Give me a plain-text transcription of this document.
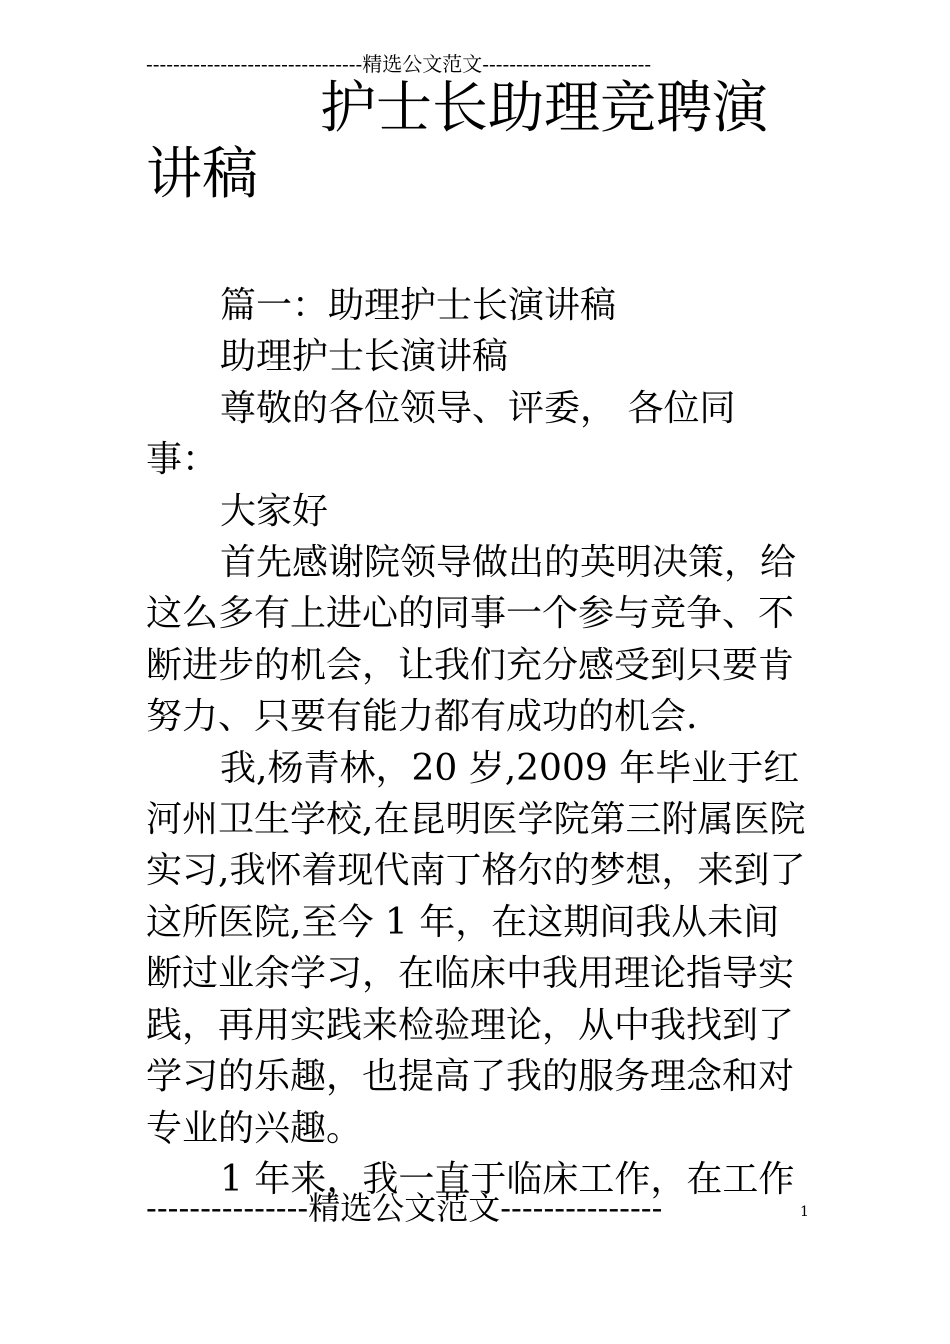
--------------------------------精选公文范文-------------------------
护士长助理竞聘演
讲稿

篇一：助理护士长演讲稿

助理护士长演讲稿

尊敬的各位领导、评委， 各位同事：

大家好

首先感谢院领导做出的英明决策，给这么多有上进心的同事一个参与竞争、不断进步的机会，让我们充分感受到只要肯努力、只要有能力都有成功的机会.

我,杨青林，20 岁,2009 年毕业于红河州卫生学校,在昆明医学院第三附属医院实习,我怀着现代南丁格尔的梦想，来到了这所医院,至今 1 年，在这期间我从未间断过业余学习，在临床中我用理论指导实践，再用实践来检验理论，从中我找到了学习的乐趣，也提高了我的服务理念和对专业的兴趣。

1 年来，我一直于临床工作，在工作

---------------精选公文范文---------------	1
